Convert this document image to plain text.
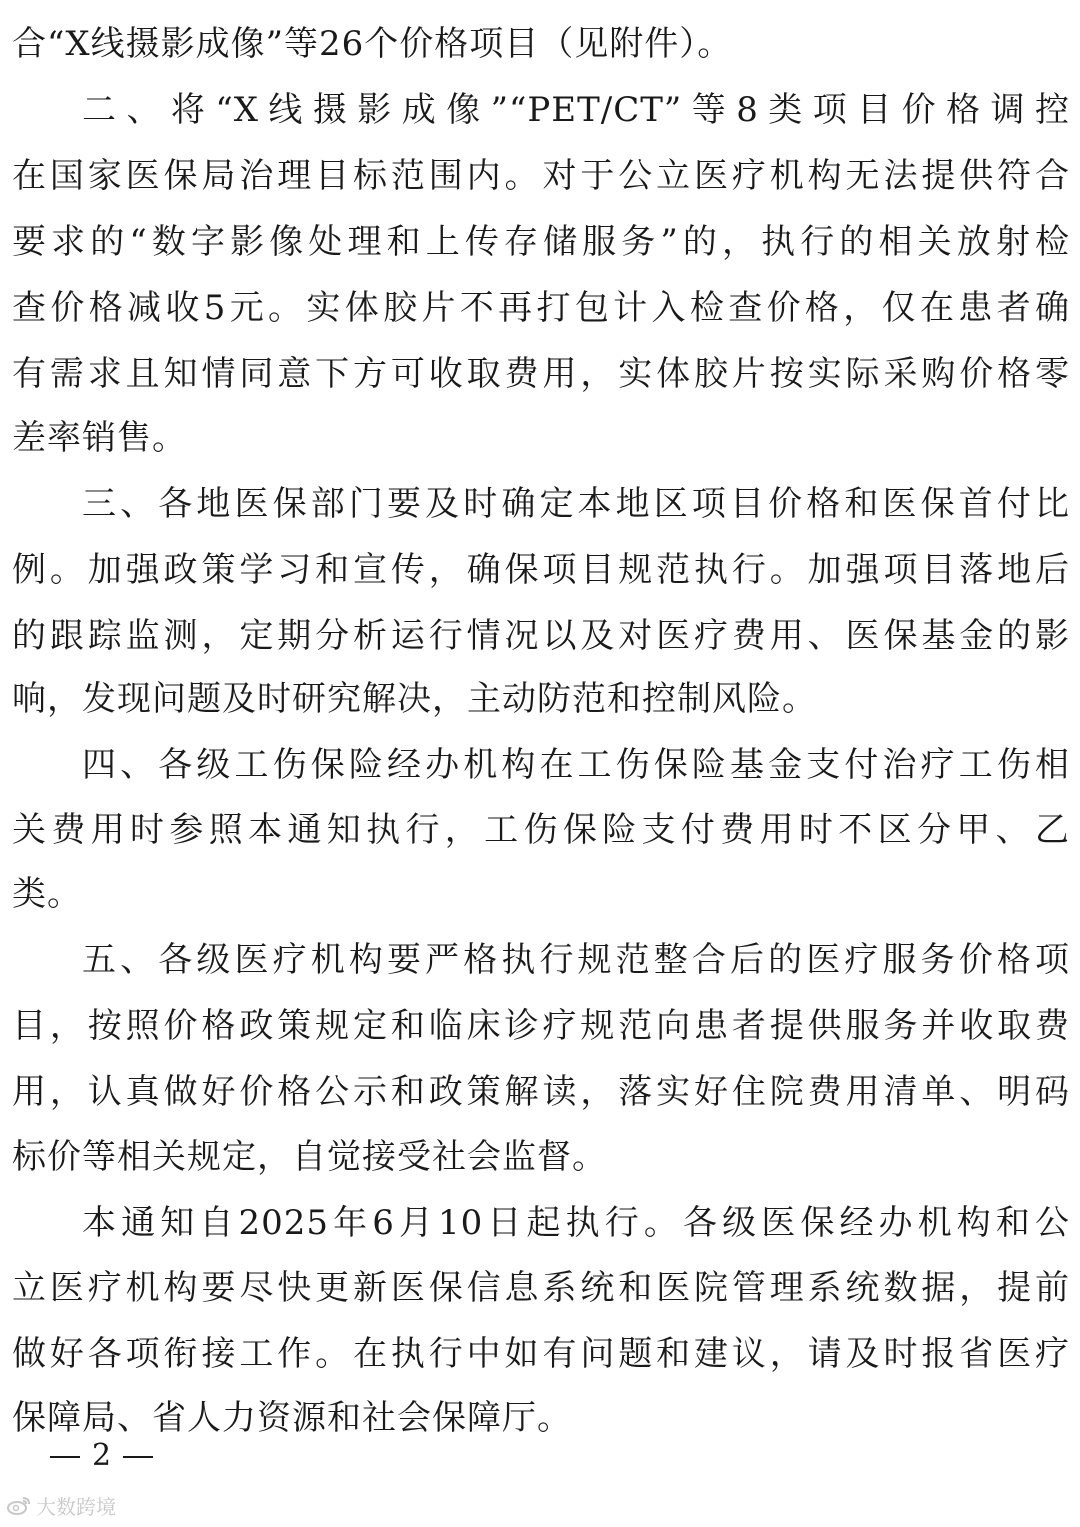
合“X线摄影成像”等26个价格项目（见附件）。
二、将“X线摄影成像”“PET/CT”等8类项目价格调控
在国家医保局治理目标范围内。对于公立医疗机构无法提供符合
要求的“数字影像处理和上传存储服务”的，执行的相关放射检
查价格减收5元。实体胶片不再打包计入检查价格，仅在患者确
有需求且知情同意下方可收取费用，实体胶片按实际采购价格零
差率销售。
三、各地医保部门要及时确定本地区项目价格和医保首付比
例。加强政策学习和宣传，确保项目规范执行。加强项目落地后
的跟踪监测，定期分析运行情况以及对医疗费用、医保基金的影
响，发现问题及时研究解决，主动防范和控制风险。
四、各级工伤保险经办机构在工伤保险基金支付治疗工伤相
关费用时参照本通知执行，工伤保险支付费用时不区分甲、乙
类。
五、各级医疗机构要严格执行规范整合后的医疗服务价格项
目，按照价格政策规定和临床诊疗规范向患者提供服务并收取费
用，认真做好价格公示和政策解读，落实好住院费用清单、明码
标价等相关规定，自觉接受社会监督。
本通知自2025年6月10日起执行。各级医保经办机构和公
立医疗机构要尽快更新医保信息系统和医院管理系统数据，提前
做好各项衔接工作。在执行中如有问题和建议，请及时报省医疗
保障局、省人力资源和社会保障厅。
2
大数跨境
